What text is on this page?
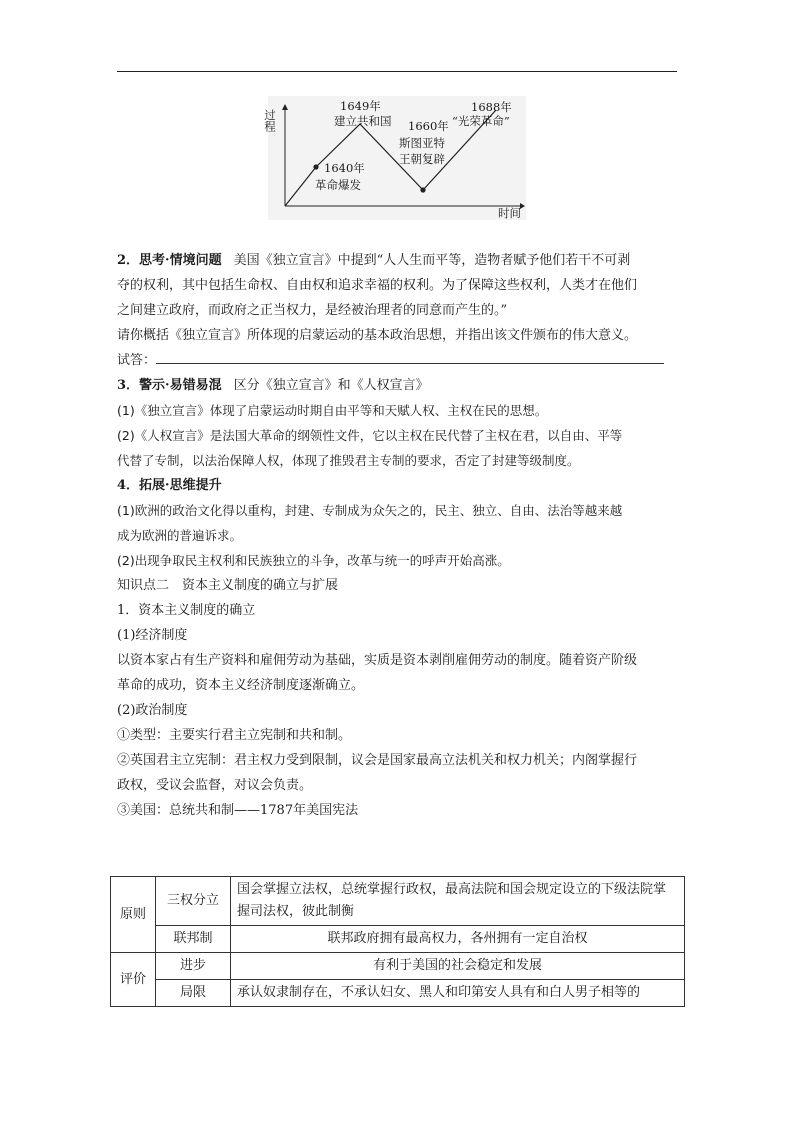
过程
时间
1640年
革命爆发
1649年
建立共和国 1660年
斯图亚特
王朝复辟
1688年
“光荣革命”

2．思考·情境问题 美国《独立宣言》中提到“人人生而平等，造物者赋予他们若干不可剥

夺的权利，其中包括生命权、自由权和追求幸福的权利。为了保障这些权利，人类才在他们

之间建立政府，而政府之正当权力，是经被治理者的同意而产生的。”

请你概括《独立宣言》所体现的启蒙运动的基本政治思想，并指出该文件颁布的伟大意义。

试答：

3．警示·易错易混 区分《独立宣言》和《人权宣言》

(1)《独立宣言》体现了启蒙运动时期自由平等和天赋人权、主权在民的思想。

(2)《人权宣言》是法国大革命的纲领性文件，它以主权在民代替了主权在君，以自由、平等

代替了专制，以法治保障人权，体现了推毁君主专制的要求，否定了封建等级制度。

4．拓展·思维提升

(1)欧洲的政治文化得以重构，封建、专制成为众矢之的，民主、独立、自由、法治等越来越

成为欧洲的普遍诉求。

(2)出现争取民主权利和民族独立的斗争，改革与统一的呼声开始高涨。

知识点二　资本主义制度的确立与扩展

1．资本主义制度的确立

(1)经济制度

以资本家占有生产资料和雇佣劳动为基础，实质是资本剥削雇佣劳动的制度。随着资产阶级

革命的成功，资本主义经济制度逐渐确立。

(2)政治制度

①类型：主要实行君主立宪制和共和制。

②英国君主立宪制：君主权力受到限制，议会是国家最高立法机关和权力机关；内阁掌握行

政权，受议会监督，对议会负责。

③美国：总统共和制——1787年美国宪法

原则	三权分立	国会掌握立法权，总统掌握行政权，最高法院和国会规定设立的下级法院掌握司法权，彼此制衡
	联邦制	联邦政府拥有最高权力，各州拥有一定自治权
评价	进步	有利于美国的社会稳定和发展
	局限	承认奴隶制存在，不承认妇女、黑人和印第安人具有和白人男子相等的
